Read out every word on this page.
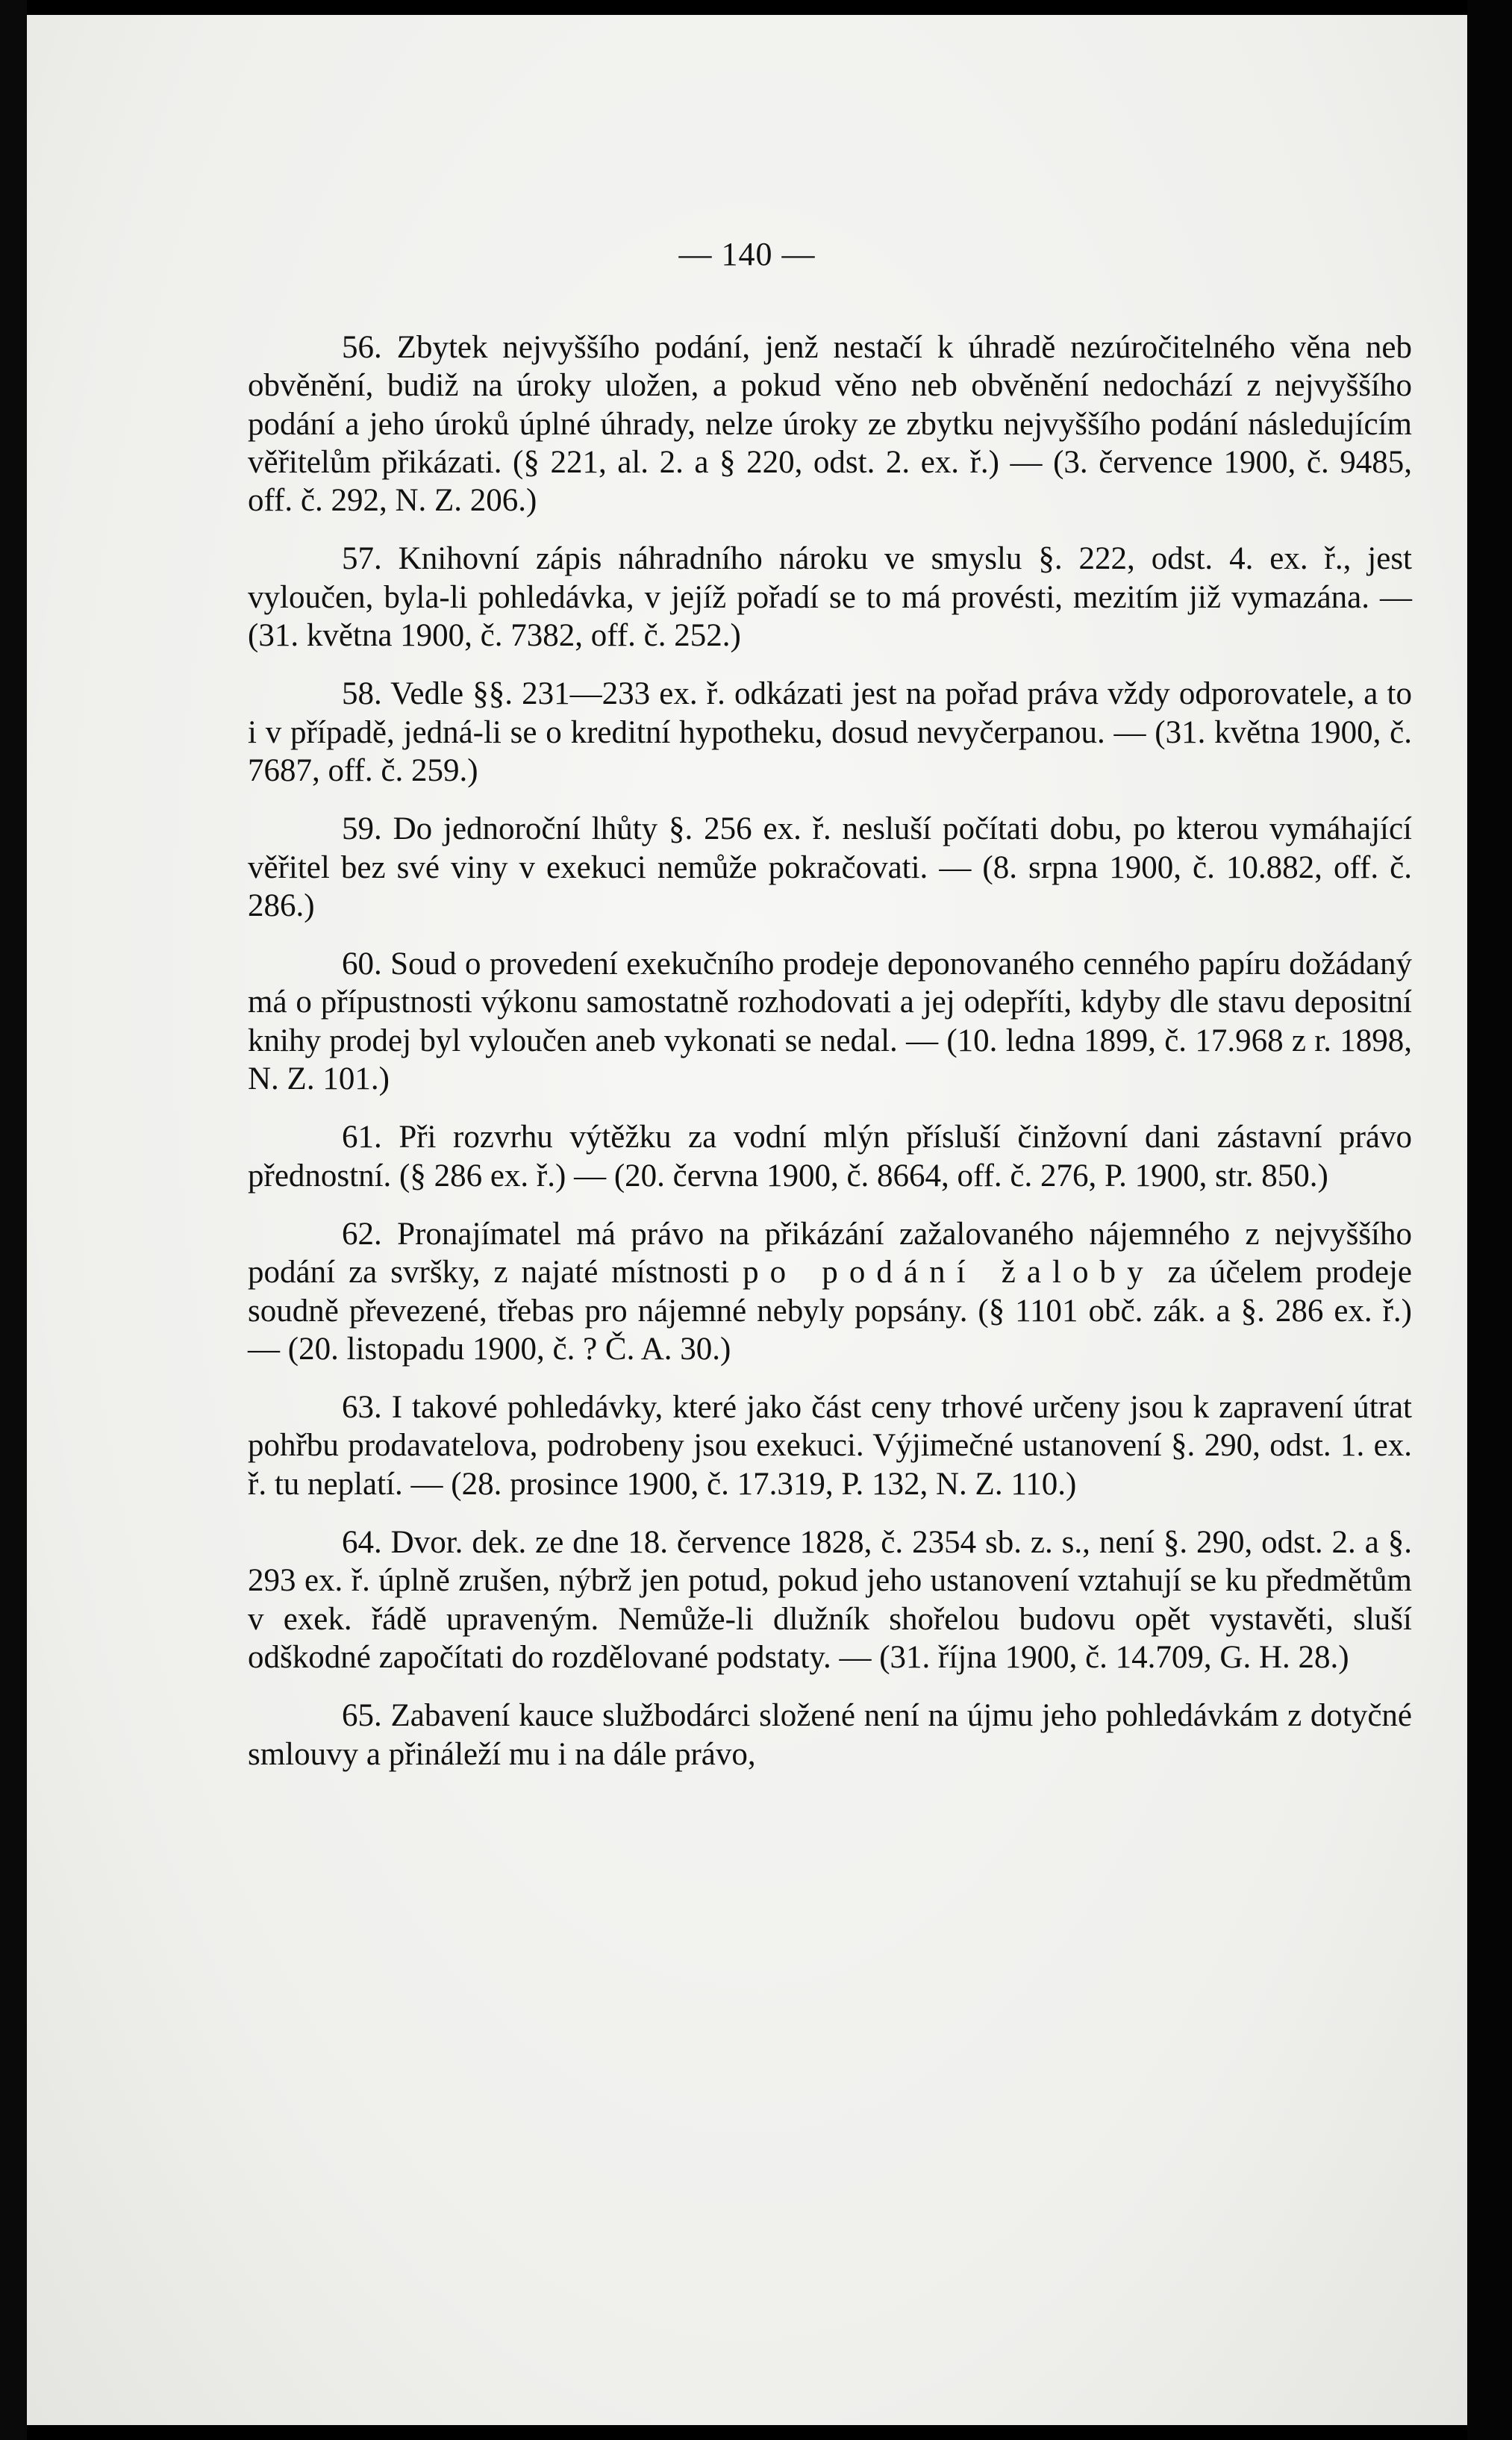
— 140 —

56. Zbytek nejvyššího podání, jenž nestačí k úhradě nezúročitelného věna neb obvěnění, budiž na úroky uložen, a pokud věno neb obvěnění nedochází z nejvyššího podání a jeho úroků úplné úhrady, nelze úroky ze zbytku nejvyššího podání následujícím věřitelům přikázati. (§ 221, al. 2. a § 220, odst. 2. ex. ř.) — (3. července 1900, č. 9485, off. č. 292, N. Z. 206.)

57. Knihovní zápis náhradního nároku ve smyslu §. 222, odst. 4. ex. ř., jest vyloučen, byla-li pohledávka, v jejíž pořadí se to má provésti, mezitím již vymazána. — (31. května 1900, č. 7382, off. č. 252.)

58. Vedle §§. 231—233 ex. ř. odkázati jest na pořad práva vždy odporovatele, a to i v případě, jedná-li se o kreditní hypotheku, dosud nevyčerpanou. — (31. května 1900, č. 7687, off. č. 259.)

59. Do jednoroční lhůty §. 256 ex. ř. nesluší počítati dobu, po kterou vymáhající věřitel bez své viny v exekuci nemůže pokračovati. — (8. srpna 1900, č. 10.882, off. č. 286.)

60. Soud o provedení exekučního prodeje deponovaného cenného papíru dožádaný má o přípustnosti výkonu samostatně rozhodovati a jej odepříti, kdyby dle stavu depositní knihy prodej byl vyloučen aneb vykonati se nedal. — (10. ledna 1899, č. 17.968 z r. 1898, N. Z. 101.)

61. Při rozvrhu výtěžku za vodní mlýn přísluší činžovní dani zástavní právo přednostní. (§ 286 ex. ř.) — (20. června 1900, č. 8664, off. č. 276, P. 1900, str. 850.)

62. Pronajímatel má právo na přikázání zažalovaného nájemného z nejvyššího podání za svršky, z najaté místnosti po podání žaloby za účelem prodeje soudně převezené, třebas pro nájemné nebyly popsány. (§ 1101 obč. zák. a §. 286 ex. ř.) — (20. listopadu 1900, č. ? Č. A. 30.)

63. I takové pohledávky, které jako část ceny trhové určeny jsou k zapravení útrat pohřbu prodavatelova, podrobeny jsou exekuci. Výjimečné ustanovení §. 290, odst. 1. ex. ř. tu neplatí. — (28. prosince 1900, č. 17.319, P. 132, N. Z. 110.)

64. Dvor. dek. ze dne 18. července 1828, č. 2354 sb. z. s., není §. 290, odst. 2. a §. 293 ex. ř. úplně zrušen, nýbrž jen potud, pokud jeho ustanovení vztahují se ku předmětům v exek. řádě upraveným. Nemůže-li dlužník shořelou budovu opět vystavěti, sluší odškodné započítati do rozdělované podstaty. — (31. října 1900, č. 14.709, G. H. 28.)

65. Zabavení kauce službodárci složené není na újmu jeho pohledávkám z dotyčné smlouvy a přináleží mu i na dále právo,
